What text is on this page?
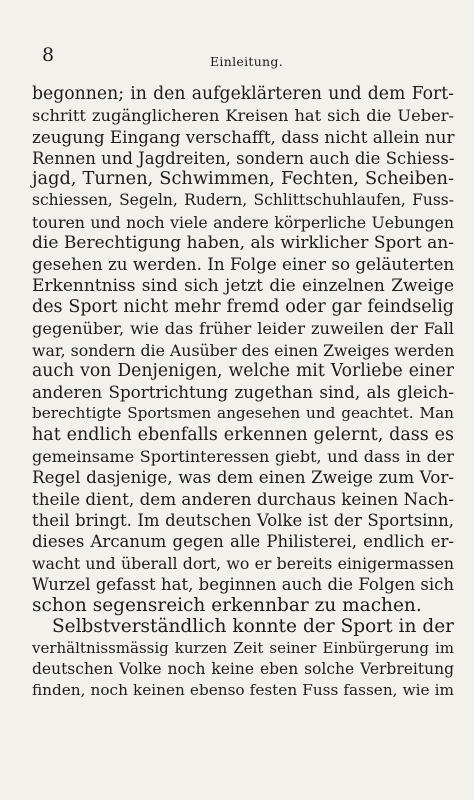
8	Einleitung.
begonnen; in den aufgeklärteren und dem Fort-
schritt zugänglicheren Kreisen hat sich die Ueber-
zeugung Eingang verschafft, dass nicht allein nur
Rennen und Jagdreiten, sondern auch die Schiess-
jagd, Turnen, Schwimmen, Fechten, Scheiben-
schiessen, Segeln, Rudern, Schlittschuhlaufen, Fuss-
touren und noch viele andere körperliche Uebungen
die Berechtigung haben, als wirklicher Sport an-
gesehen zu werden. In Folge einer so geläuterten
Erkenntniss sind sich jetzt die einzelnen Zweige
des Sport nicht mehr fremd oder gar feindselig
gegenüber, wie das früher leider zuweilen der Fall
war, sondern die Ausüber des einen Zweiges werden
auch von Denjenigen, welche mit Vorliebe einer
anderen Sportrichtung zugethan sind, als gleich-
berechtigte Sportsmen angesehen und geachtet. Man
hat endlich ebenfalls erkennen gelernt, dass es
gemeinsame Sportinteressen giebt, und dass in der
Regel dasjenige, was dem einen Zweige zum Vor-
theile dient, dem anderen durchaus keinen Nach-
theil bringt. Im deutschen Volke ist der Sportsinn,
dieses Arcanum gegen alle Philisterei, endlich er-
wacht und überall dort, wo er bereits einigermassen
Wurzel gefasst hat, beginnen auch die Folgen sich
schon segensreich erkennbar zu machen.
Selbstverständlich konnte der Sport in der
verhältnissmässig kurzen Zeit seiner Einbürgerung im
deutschen Volke noch keine eben solche Verbreitung
finden, noch keinen ebenso festen Fuss fassen, wie im
